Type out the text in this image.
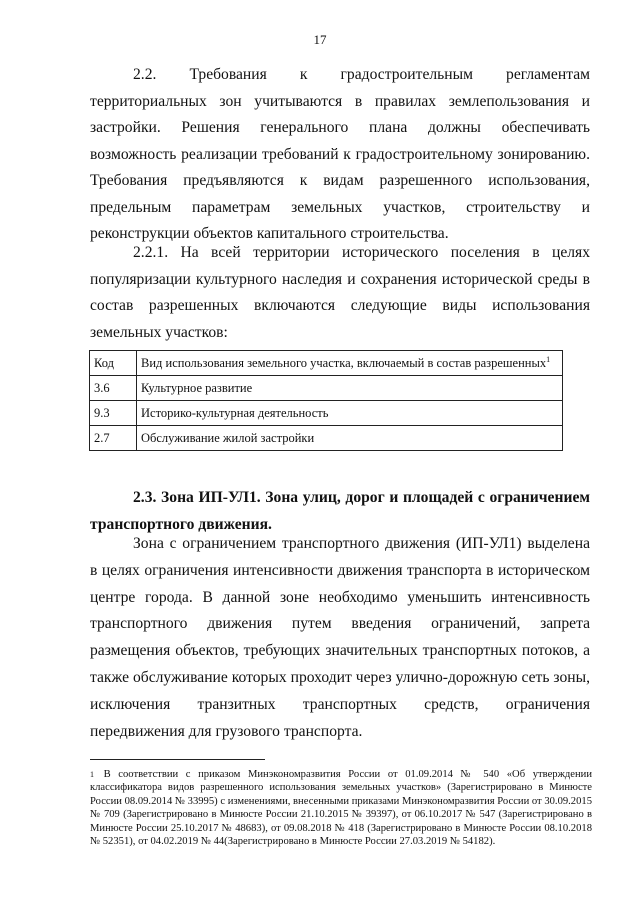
17

2.2. Требования к градостроительным регламентам территориальных зон учитываются в правилах землепользования и застройки. Решения генерального плана должны обеспечивать возможность реализации требований к градостроительному зонированию. Требования предъявляются к видам разрешенного использования, предельным параметрам земельных участков, строительству и реконструкции объектов капитального строительства.

2.2.1. На всей территории исторического поселения в целях популяризации культурного наследия и сохранения исторической среды в состав разрешенных включаются следующие виды использования земельных участков:

Код	Вид использования земельного участка, включаемый в состав разрешенных$^1$
3.6	Культурное развитие
9.3	Историко-культурная деятельность
2.7	Обслуживание жилой застройки

2.3. Зона ИП-УЛ1. Зона улиц, дорог и площадей с ограничением транспортного движения.

Зона с ограничением транспортного движения (ИП-УЛ1) выделена в целях ограничения интенсивности движения транспорта в историческом центре города. В данной зоне необходимо уменьшить интенсивность транспортного движения путем введения ограничений, запрета размещения объектов, требующих значительных транспортных потоков, а также обслуживание которых проходит через улично-дорожную сеть зоны, исключения транзитных транспортных средств, ограничения передвижения для грузового транспорта.

$^1$ В соответствии с приказом Минэкономразвития России от 01.09.2014 № 540 «Об утверждении классификатора видов разрешенного использования земельных участков» (Зарегистрировано в Минюсте России 08.09.2014 № 33995) с изменениями, внесенными приказами Минэкономразвития России от 30.09.2015 № 709 (Зарегистрировано в Минюсте России 21.10.2015 № 39397), от 06.10.2017 № 547 (Зарегистрировано в Минюсте России 25.10.2017 № 48683), от 09.08.2018 № 418 (Зарегистрировано в Минюсте России 08.10.2018 № 52351), от 04.02.2019 № 44(Зарегистрировано в Минюсте России 27.03.2019 № 54182).
